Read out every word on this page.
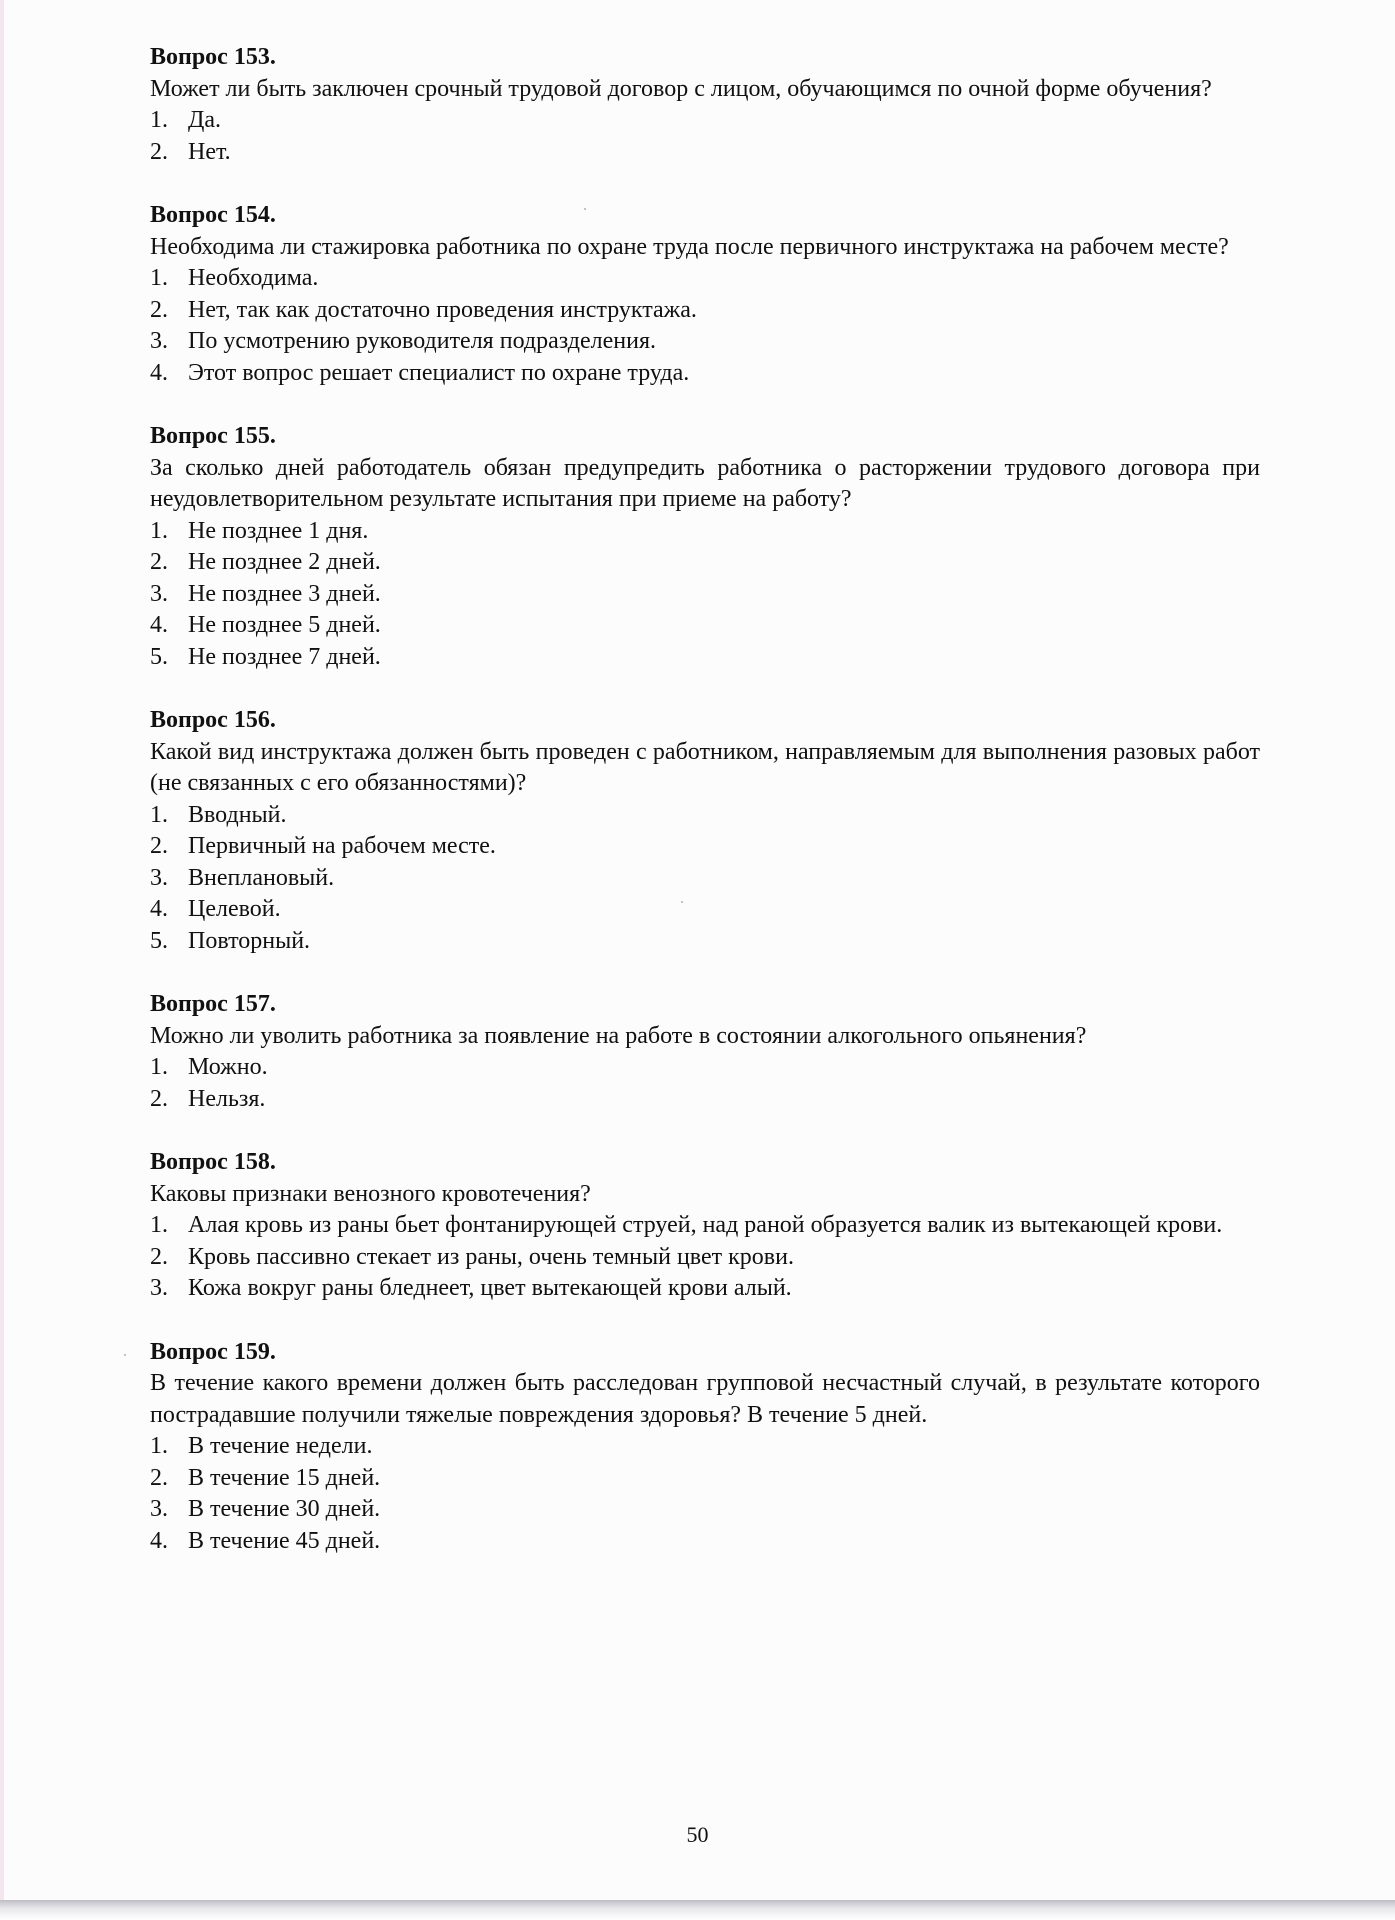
Вопрос 153.

Может ли быть заключен срочный трудовой договор с лицом, обучающимся по очной форме обучения?

1. Да.
2. Нет.

Вопрос 154.

Необходима ли стажировка работника по охране труда после первичного инструктажа на рабочем месте?

1. Необходима.
2. Нет, так как достаточно проведения инструктажа.
3. По усмотрению руководителя подразделения.
4. Этот вопрос решает специалист по охране труда.

Вопрос 155.

За сколько дней работодатель обязан предупредить работника о расторжении трудового договора при неудовлетворительном результате испытания при приеме на работу?

1. Не позднее 1 дня.
2. Не позднее 2 дней.
3. Не позднее 3 дней.
4. Не позднее 5 дней.
5. Не позднее 7 дней.

Вопрос 156.

Какой вид инструктажа должен быть проведен с работником, направляемым для выполнения разовых работ (не связанных с его обязанностями)?

1. Вводный.
2. Первичный на рабочем месте.
3. Внеплановый.
4. Целевой.
5. Повторный.

Вопрос 157.

Можно ли уволить работника за появление на работе в состоянии алкогольного опьянения?

1. Можно.
2. Нельзя.

Вопрос 158.

Каковы признаки венозного кровотечения?

1. Алая кровь из раны бьет фонтанирующей струей, над раной образуется валик из вытекающей крови.
2. Кровь пассивно стекает из раны, очень темный цвет крови.
3. Кожа вокруг раны бледнеет, цвет вытекающей крови алый.

Вопрос 159.

В течение какого времени должен быть расследован групповой несчастный случай, в результате которого пострадавшие получили тяжелые повреждения здоровья? В течение 5 дней.

1. В течение недели.
2. В течение 15 дней.
3. В течение 30 дней.
4. В течение 45 дней.
50
